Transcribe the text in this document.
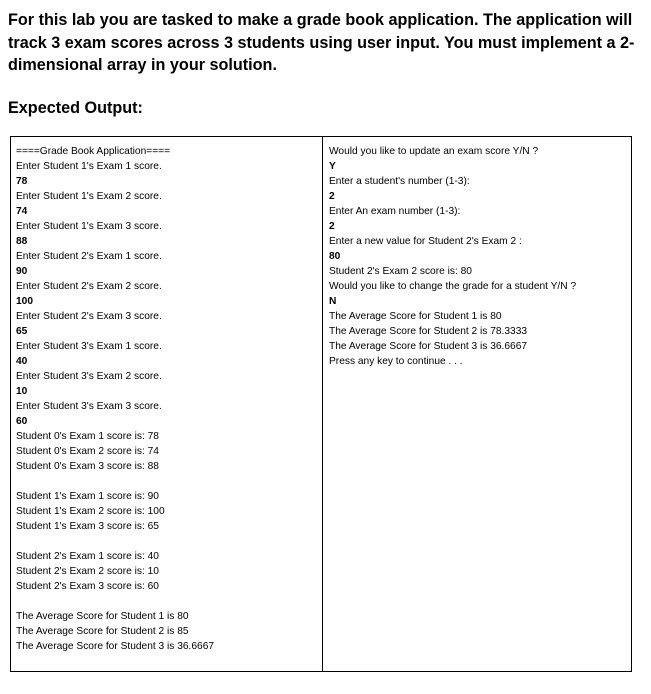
For this lab you are tasked to make a grade book application. The application will track 3 exam scores across 3 students using user input. You must implement a 2-dimensional array in your solution.
Expected Output:
====Grade Book Application====
Enter Student 1's Exam 1 score.
78
Enter Student 1's Exam 2 score.
74
Enter Student 1's Exam 3 score.
88
Enter Student 2's Exam 1 score.
90
Enter Student 2's Exam 2 score.
100
Enter Student 2's Exam 3 score.
65
Enter Student 3's Exam 1 score.
40
Enter Student 3's Exam 2 score.
10
Enter Student 3's Exam 3 score.
60
Student 0's Exam 1 score is: 78
Student 0's Exam 2 score is: 74
Student 0's Exam 3 score is: 88
Student 1's Exam 1 score is: 90
Student 1's Exam 2 score is: 100
Student 1's Exam 3 score is: 65
Student 2's Exam 1 score is: 40
Student 2's Exam 2 score is: 10
Student 2's Exam 3 score is: 60
The Average Score for Student 1 is 80
The Average Score for Student 2 is 85
The Average Score for Student 3 is 36.6667
Would you like to update an exam score Y/N ?
Y
Enter a student's number (1-3):
2
Enter An exam number (1-3):
2
Enter a new value for Student 2's Exam 2 :
80
Student 2's Exam 2 score is: 80
Would you like to change the grade for a student Y/N ?
N
The Average Score for Student 1 is 80
The Average Score for Student 2 is 78.3333
The Average Score for Student 3 is 36.6667
Press any key to continue . . .
